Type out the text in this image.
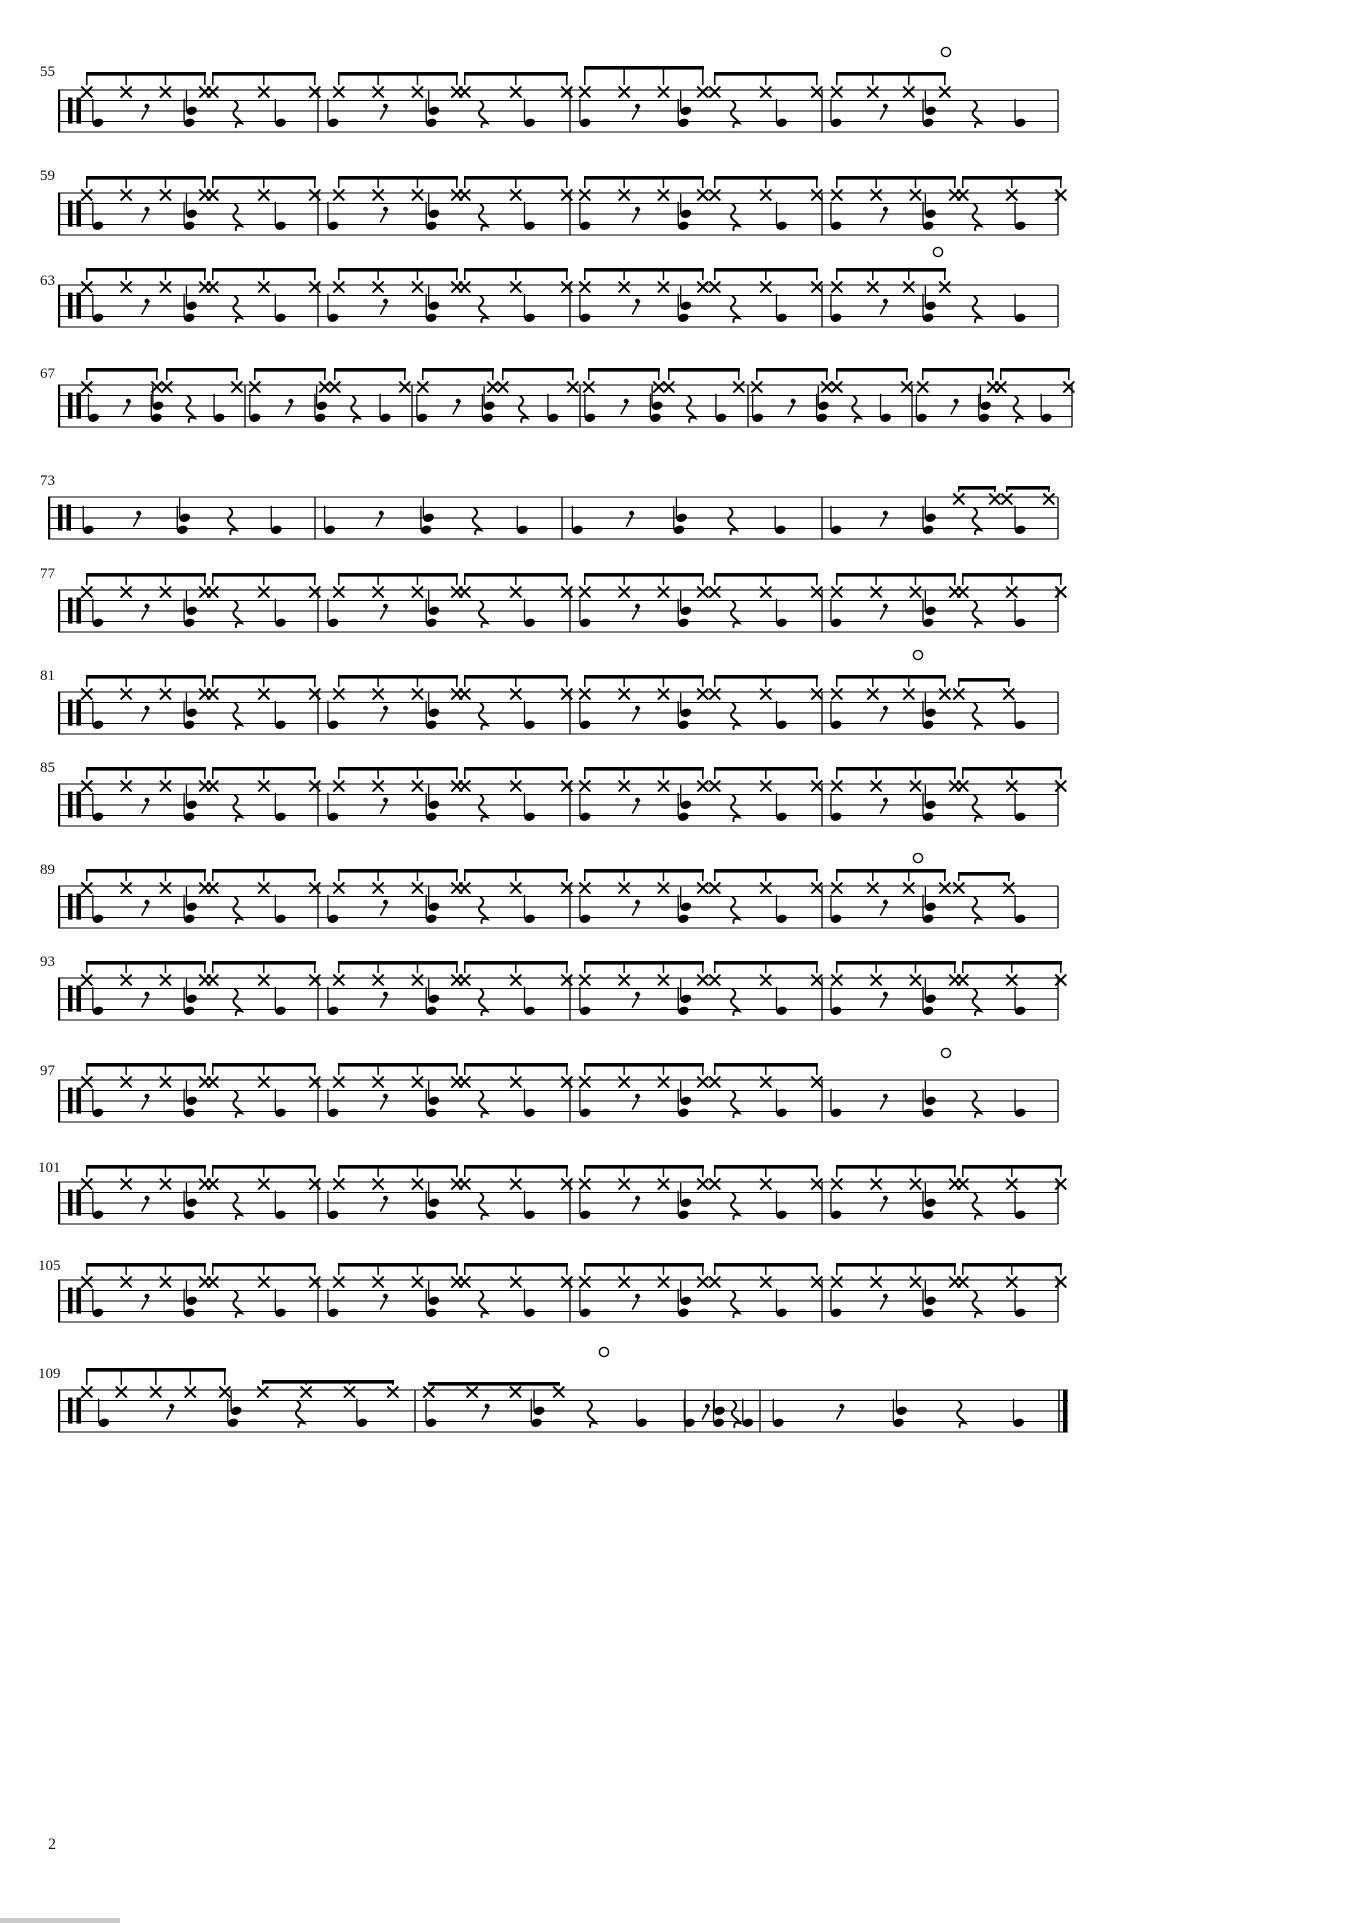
55
59
63
67
73
77
81
85
89
93
97
101
105
109
2
